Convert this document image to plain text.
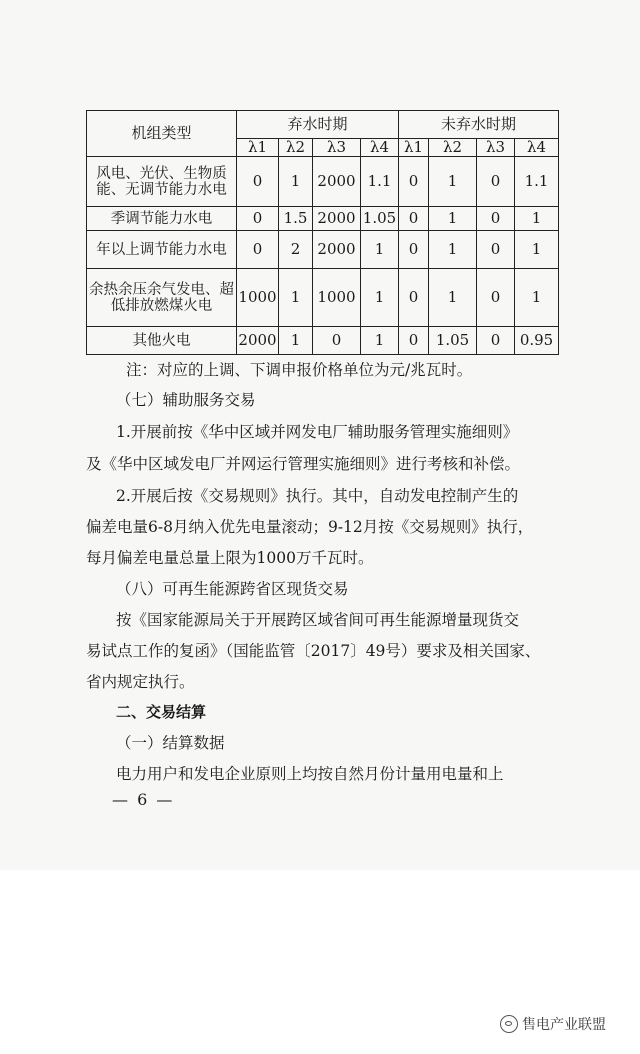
机组类型	弃水时期				未弃水时期			
	λ1	λ2	λ3	λ4	λ1	λ2	λ3	λ4
风电、光伏、生物质能、无调节能力水电	0	1	2000	1.1	0	1	0	1.1
季调节能力水电	0	1.5	2000	1.05	0	1	0	1
年以上调节能力水电	0	2	2000	1	0	1	0	1
余热余压余气发电、超低排放燃煤火电	1000	1	1000	1	0	1	0	1
其他火电	2000	1	0	1	0	1.05	0	0.95
注：对应的上调、下调申报价格单位为元/兆瓦时。
（七）辅助服务交易
1.开展前按《华中区域并网发电厂辅助服务管理实施细则》
及《华中区域发电厂并网运行管理实施细则》进行考核和补偿。
2.开展后按《交易规则》执行。其中，自动发电控制产生的
偏差电量6-8月纳入优先电量滚动；9-12月按《交易规则》执行，
每月偏差电量总量上限为1000万千瓦时。
（八）可再生能源跨省区现货交易
按《国家能源局关于开展跨区域省间可再生能源增量现货交
易试点工作的复函》（国能监管〔2017〕49号）要求及相关国家、
省内规定执行。
二、交易结算
（一）结算数据
电力用户和发电企业原则上均按自然月份计量用电量和上
— 6 —
售电产业联盟
